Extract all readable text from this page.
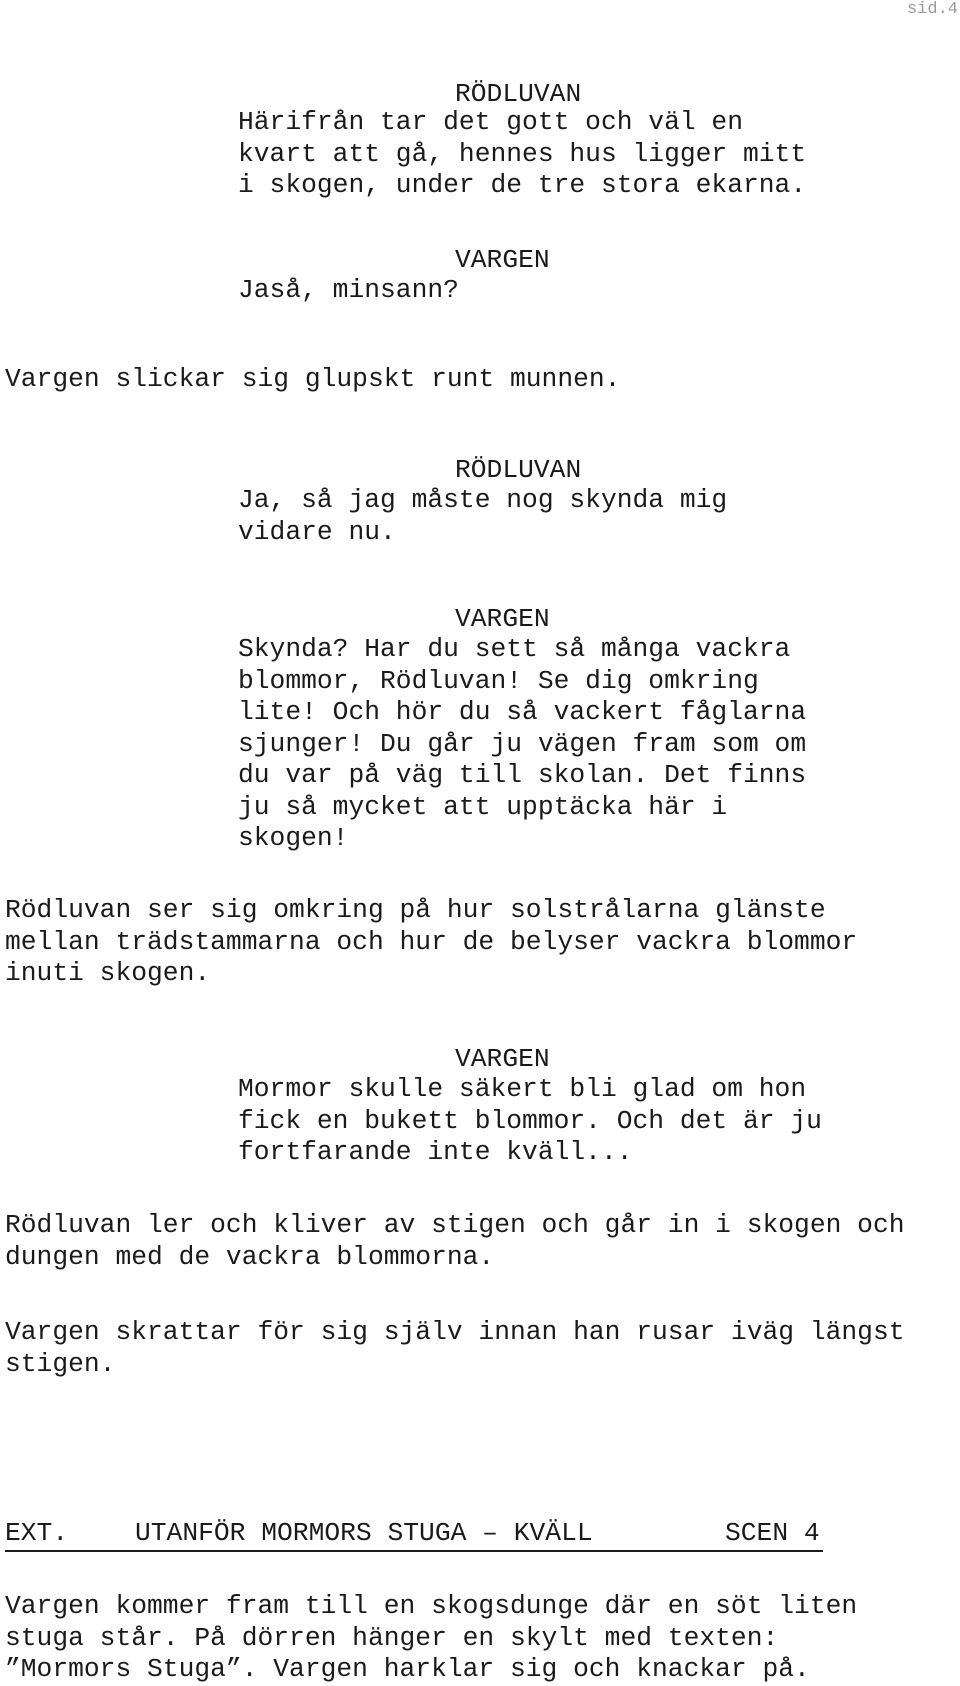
sid.4
RÖDLUVAN
Härifrån tar det gott och väl en
kvart att gå, hennes hus ligger mitt
i skogen, under de tre stora ekarna.
VARGEN
Jaså, minsann?
Vargen slickar sig glupskt runt munnen.
RÖDLUVAN
Ja, så jag måste nog skynda mig
vidare nu.
VARGEN
Skynda? Har du sett så många vackra
blommor, Rödluvan! Se dig omkring
lite! Och hör du så vackert fåglarna
sjunger! Du går ju vägen fram som om
du var på väg till skolan. Det finns
ju så mycket att upptäcka här i
skogen!
Rödluvan ser sig omkring på hur solstrålarna glänste
mellan trädstammarna och hur de belyser vackra blommor
inuti skogen.
VARGEN
Mormor skulle säkert bli glad om hon
fick en bukett blommor. Och det är ju
fortfarande inte kväll...
Rödluvan ler och kliver av stigen och går in i skogen och
dungen med de vackra blommorna.
Vargen skrattar för sig själv innan han rusar iväg längst
stigen.

EXT.

	UTANFÖR MORMORS STUGA – KVÄLL

	SCEN 4

Vargen kommer fram till en skogsdunge där en söt liten
stuga står. På dörren hänger en skylt med texten:
”Mormors Stuga”. Vargen harklar sig och knackar på.
